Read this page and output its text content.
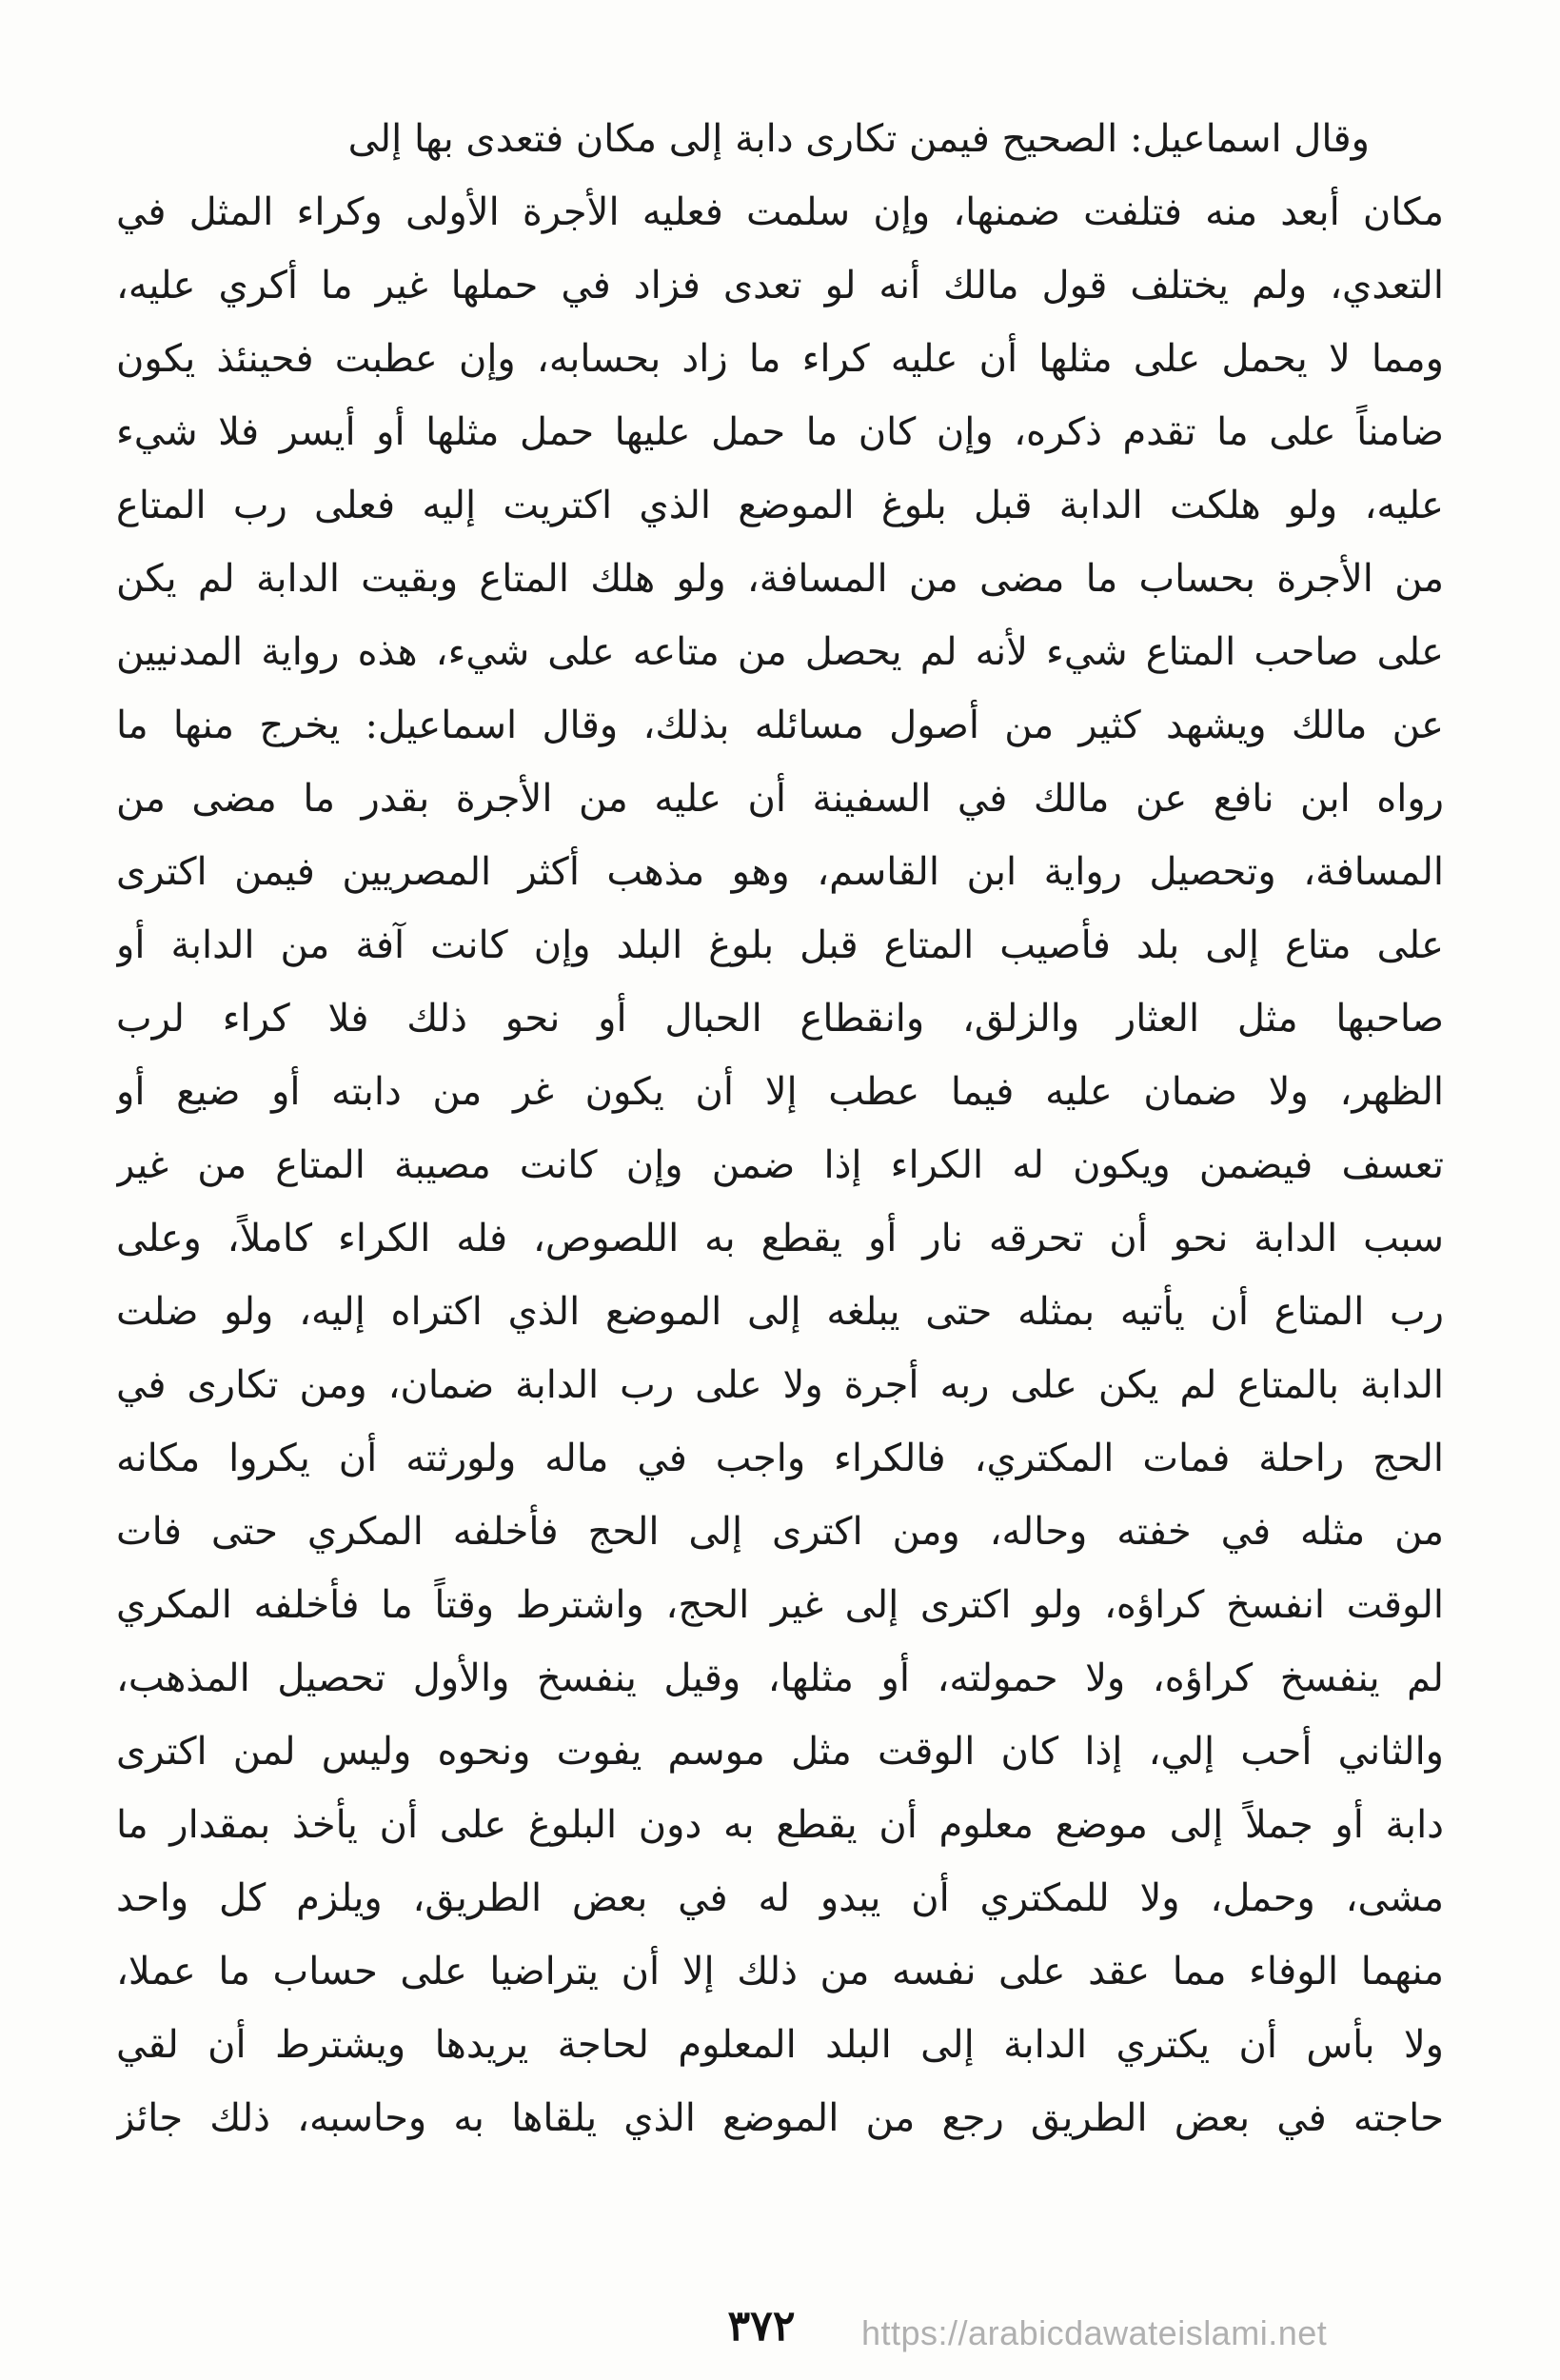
وقال اسماعيل: الصحيح فيمن تكارى دابة إلى مكان فتعدى بها إلى
مكان أبعد منه فتلفت ضمنها، وإن سلمت فعليه الأجرة الأولى وكراء المثل في
التعدي، ولم يختلف قول مالك أنه لو تعدى فزاد في حملها غير ما أكري عليه،
ومما لا يحمل على مثلها أن عليه كراء ما زاد بحسابه، وإن عطبت فحينئذ يكون
ضامناً على ما تقدم ذكره، وإن كان ما حمل عليها حمل مثلها أو أيسر فلا شيء
عليه، ولو هلكت الدابة قبل بلوغ الموضع الذي اكتريت إليه فعلى رب المتاع
من الأجرة بحساب ما مضى من المسافة، ولو هلك المتاع وبقيت الدابة لم يكن
على صاحب المتاع شيء لأنه لم يحصل من متاعه على شيء، هذه رواية المدنيين
عن مالك ويشهد كثير من أصول مسائله بذلك، وقال اسماعيل: يخرج منها ما
رواه ابن نافع عن مالك في السفينة أن عليه من الأجرة بقدر ما مضى من
المسافة، وتحصيل رواية ابن القاسم، وهو مذهب أكثر المصريين فيمن اكترى
على متاع إلى بلد فأصيب المتاع قبل بلوغ البلد وإن كانت آفة من الدابة أو
صاحبها مثل العثار والزلق، وانقطاع الحبال أو نحو ذلك فلا كراء لرب
الظهر، ولا ضمان عليه فيما عطب إلا أن يكون غر من دابته أو ضيع أو
تعسف فيضمن ويكون له الكراء إذا ضمن وإن كانت مصيبة المتاع من غير
سبب الدابة نحو أن تحرقه نار أو يقطع به اللصوص، فله الكراء كاملاً، وعلى
رب المتاع أن يأتيه بمثله حتى يبلغه إلى الموضع الذي اكتراه إليه، ولو ضلت
الدابة بالمتاع لم يكن على ربه أجرة ولا على رب الدابة ضمان، ومن تكارى في
الحج راحلة فمات المكتري، فالكراء واجب في ماله ولورثته أن يكروا مكانه
من مثله في خفته وحاله، ومن اكترى إلى الحج فأخلفه المكري حتى فات
الوقت انفسخ كراؤه، ولو اكترى إلى غير الحج، واشترط وقتاً ما فأخلفه المكري
لم ينفسخ كراؤه، ولا حمولته، أو مثلها، وقيل ينفسخ والأول تحصيل المذهب،
والثاني أحب إلي، إذا كان الوقت مثل موسم يفوت ونحوه وليس لمن اكترى
دابة أو جملاً إلى موضع معلوم أن يقطع به دون البلوغ على أن يأخذ بمقدار ما
مشى، وحمل، ولا للمكتري أن يبدو له في بعض الطريق، ويلزم كل واحد
منهما الوفاء مما عقد على نفسه من ذلك إلا أن يتراضيا على حساب ما عملا،
ولا بأس أن يكتري الدابة إلى البلد المعلوم لحاجة يريدها ويشترط أن لقي
حاجته في بعض الطريق رجع من الموضع الذي يلقاها به وحاسبه، ذلك جائز
٣٧٢	https://arabicdawateislami.net
